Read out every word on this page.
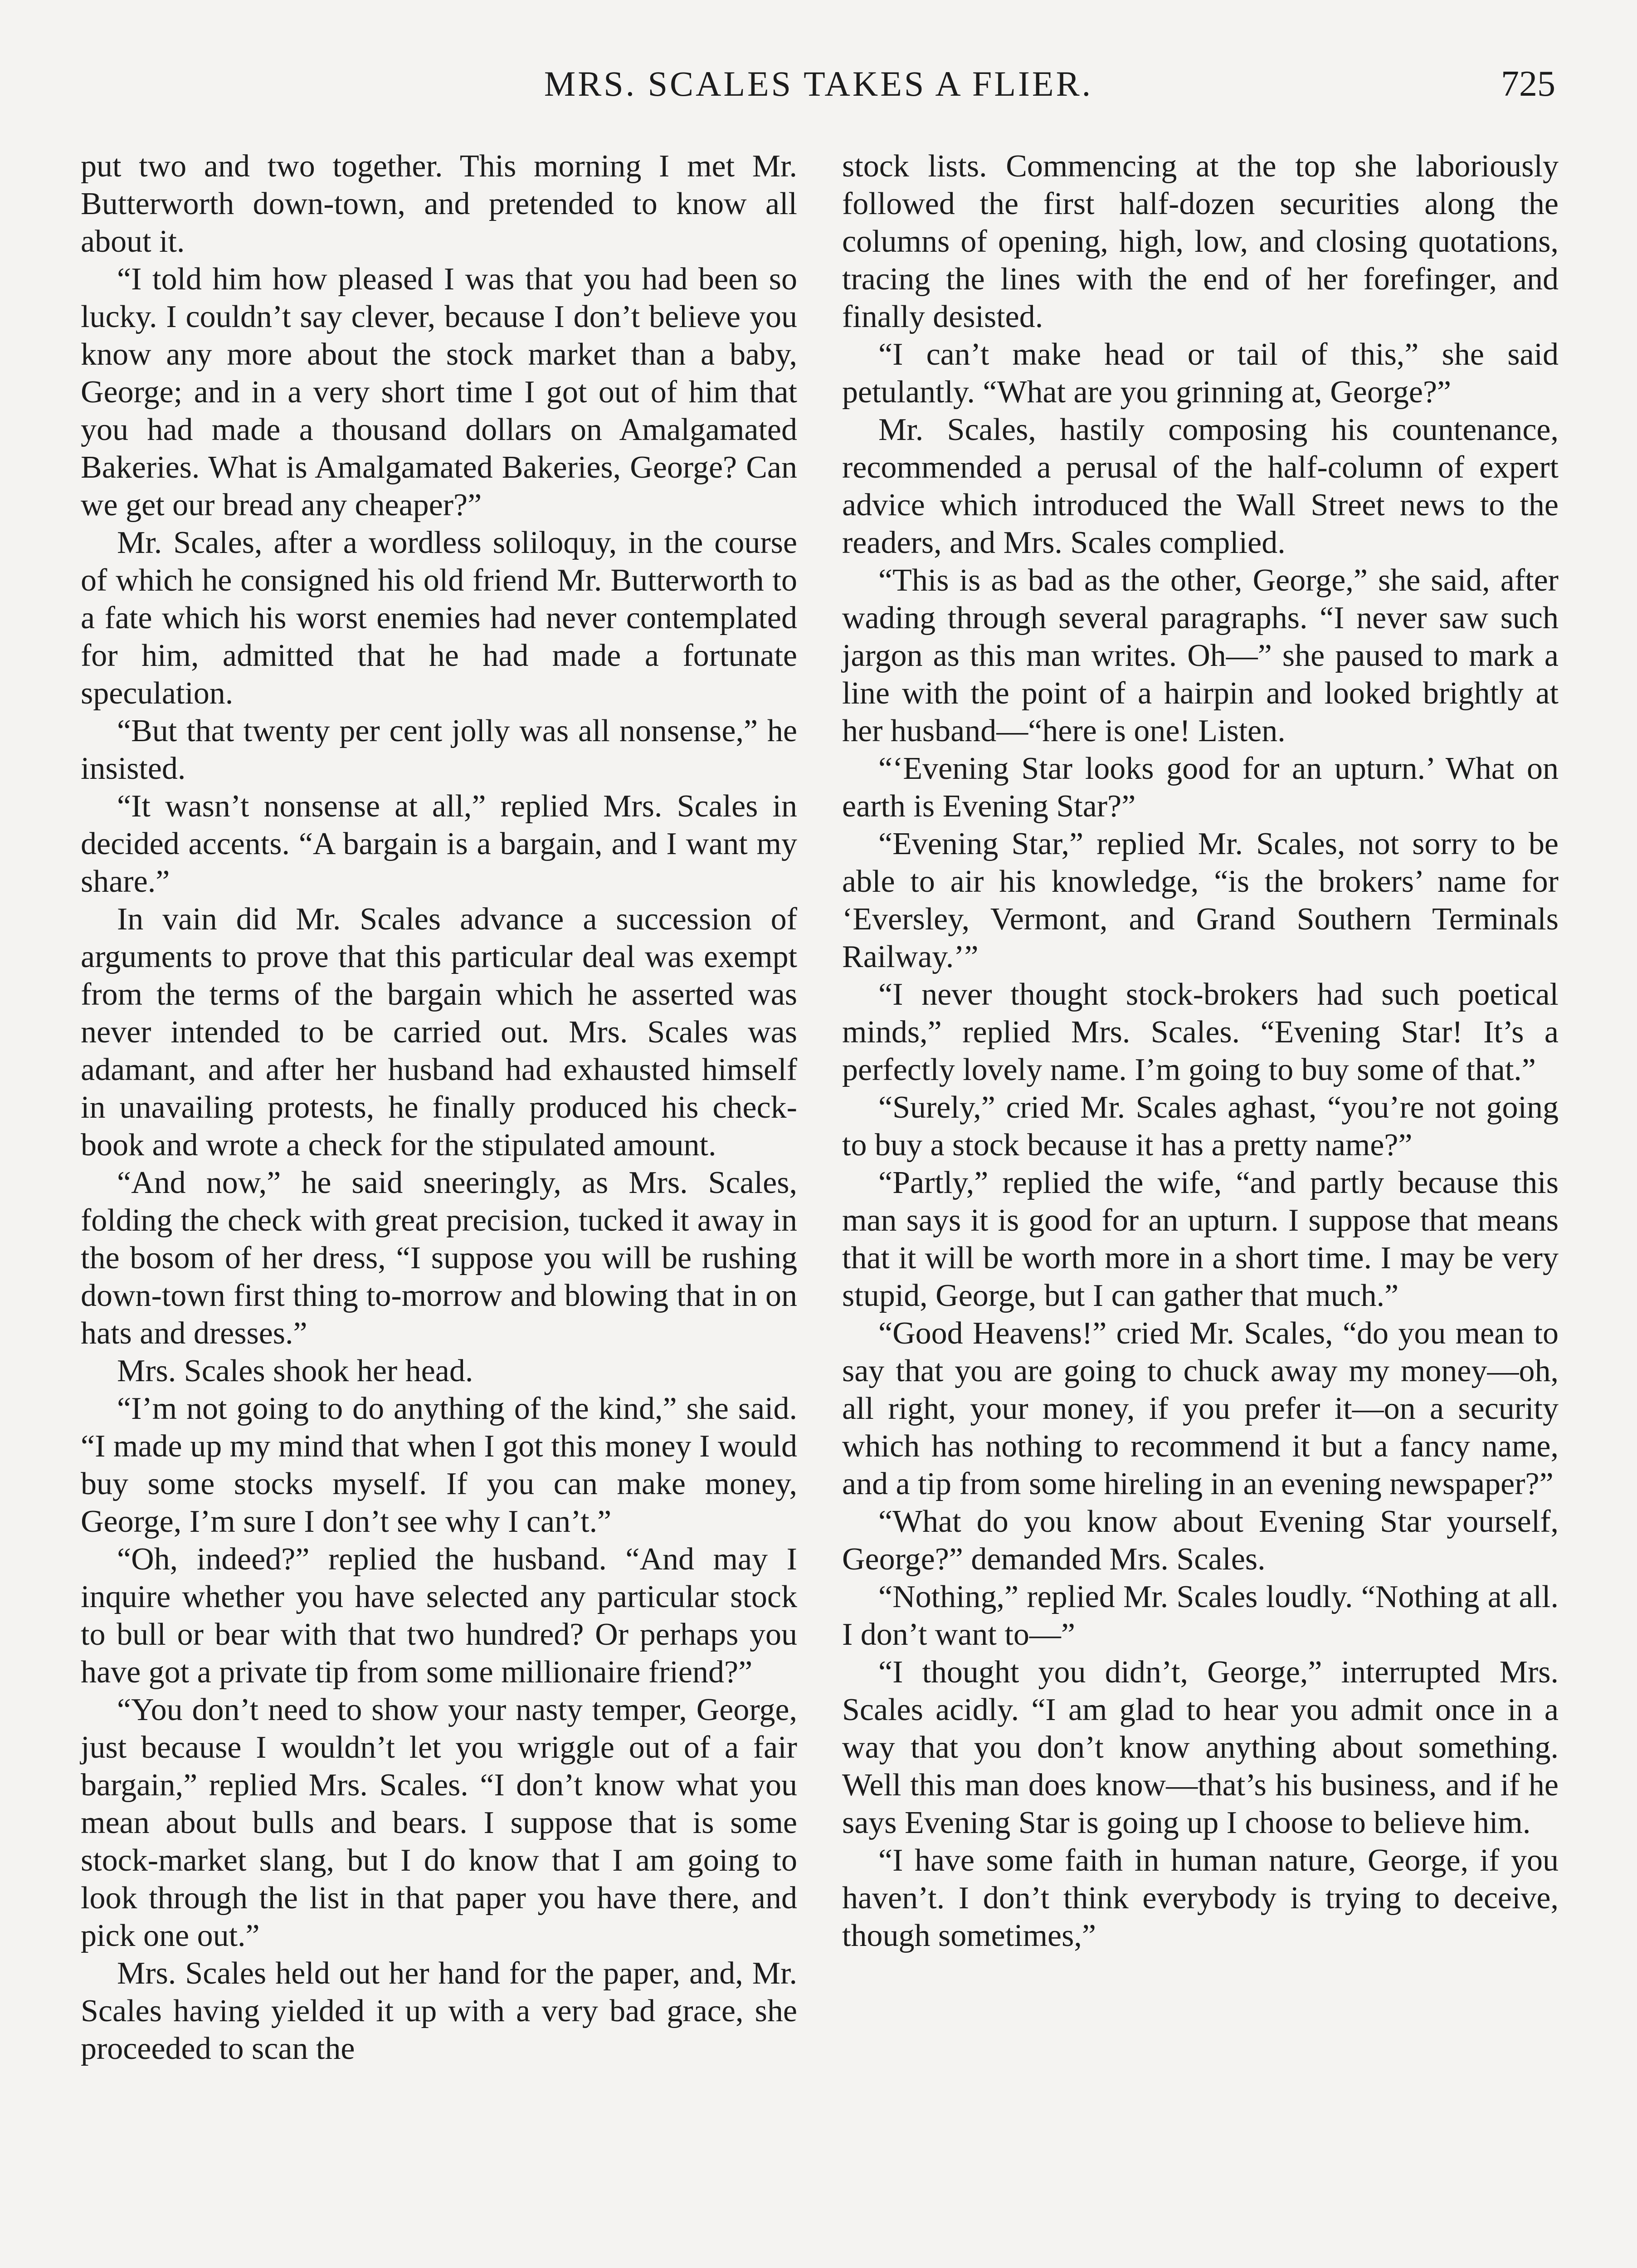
MRS. SCALES TAKES A FLIER.	725

put two and two together. This morning I met Mr. Butterworth down-town, and pretended to know all about it.

“I told him how pleased I was that you had been so lucky. I couldn’t say clever, because I don’t believe you know any more about the stock market than a baby, George; and in a very short time I got out of him that you had made a thousand dollars on Amalgamated Bakeries. What is Amalgamated Bakeries, George? Can we get our bread any cheaper?”

Mr. Scales, after a wordless soliloquy, in the course of which he consigned his old friend Mr. Butterworth to a fate which his worst enemies had never contemplated for him, admitted that he had made a fortunate speculation.

“But that twenty per cent jolly was all nonsense,” he insisted.

“It wasn’t nonsense at all,” replied Mrs. Scales in decided accents. “A bargain is a bargain, and I want my share.”

In vain did Mr. Scales advance a succession of arguments to prove that this particular deal was exempt from the terms of the bargain which he asserted was never intended to be carried out. Mrs. Scales was adamant, and after her husband had exhausted himself in unavailing protests, he finally produced his check-book and wrote a check for the stipulated amount.

“And now,” he said sneeringly, as Mrs. Scales, folding the check with great precision, tucked it away in the bosom of her dress, “I suppose you will be rushing down-town first thing to-morrow and blowing that in on hats and dresses.”

Mrs. Scales shook her head.

“I’m not going to do anything of the kind,” she said. “I made up my mind that when I got this money I would buy some stocks myself. If you can make money, George, I’m sure I don’t see why I can’t.”

“Oh, indeed?” replied the husband. “And may I inquire whether you have selected any particular stock to bull or bear with that two hundred? Or perhaps you have got a private tip from some millionaire friend?”

“You don’t need to show your nasty temper, George, just because I wouldn’t let you wriggle out of a fair bargain,” replied Mrs. Scales. “I don’t know what you mean about bulls and bears. I suppose that is some stock-market slang, but I do know that I am going to look through the list in that paper you have there, and pick one out.”

Mrs. Scales held out her hand for the paper, and, Mr. Scales having yielded it up with a very bad grace, she proceeded to scan the

stock lists. Commencing at the top she laboriously followed the first half-dozen securities along the columns of opening, high, low, and closing quotations, tracing the lines with the end of her forefinger, and finally desisted.

“I can’t make head or tail of this,” she said petulantly. “What are you grinning at, George?”

Mr. Scales, hastily composing his countenance, recommended a perusal of the half-column of expert advice which introduced the Wall Street news to the readers, and Mrs. Scales complied.

“This is as bad as the other, George,” she said, after wading through several paragraphs. “I never saw such jargon as this man writes. Oh—” she paused to mark a line with the point of a hairpin and looked brightly at her husband—“here is one! Listen.

“‘Evening Star looks good for an upturn.’ What on earth is Evening Star?”

“Evening Star,” replied Mr. Scales, not sorry to be able to air his knowledge, “is the brokers’ name for ‘Eversley, Vermont, and Grand Southern Terminals Railway.’”

“I never thought stock-brokers had such poetical minds,” replied Mrs. Scales. “Evening Star! It’s a perfectly lovely name. I’m going to buy some of that.”

“Surely,” cried Mr. Scales aghast, “you’re not going to buy a stock because it has a pretty name?”

“Partly,” replied the wife, “and partly because this man says it is good for an upturn. I suppose that means that it will be worth more in a short time. I may be very stupid, George, but I can gather that much.”

“Good Heavens!” cried Mr. Scales, “do you mean to say that you are going to chuck away my money—oh, all right, your money, if you prefer it—on a security which has nothing to recommend it but a fancy name, and a tip from some hireling in an evening newspaper?”

“What do you know about Evening Star yourself, George?” demanded Mrs. Scales.

“Nothing,” replied Mr. Scales loudly. “Nothing at all. I don’t want to—”

“I thought you didn’t, George,” interrupted Mrs. Scales acidly. “I am glad to hear you admit once in a way that you don’t know anything about something. Well this man does know—that’s his business, and if he says Evening Star is going up I choose to believe him.

“I have some faith in human nature, George, if you haven’t. I don’t think everybody is trying to deceive, though sometimes,”
